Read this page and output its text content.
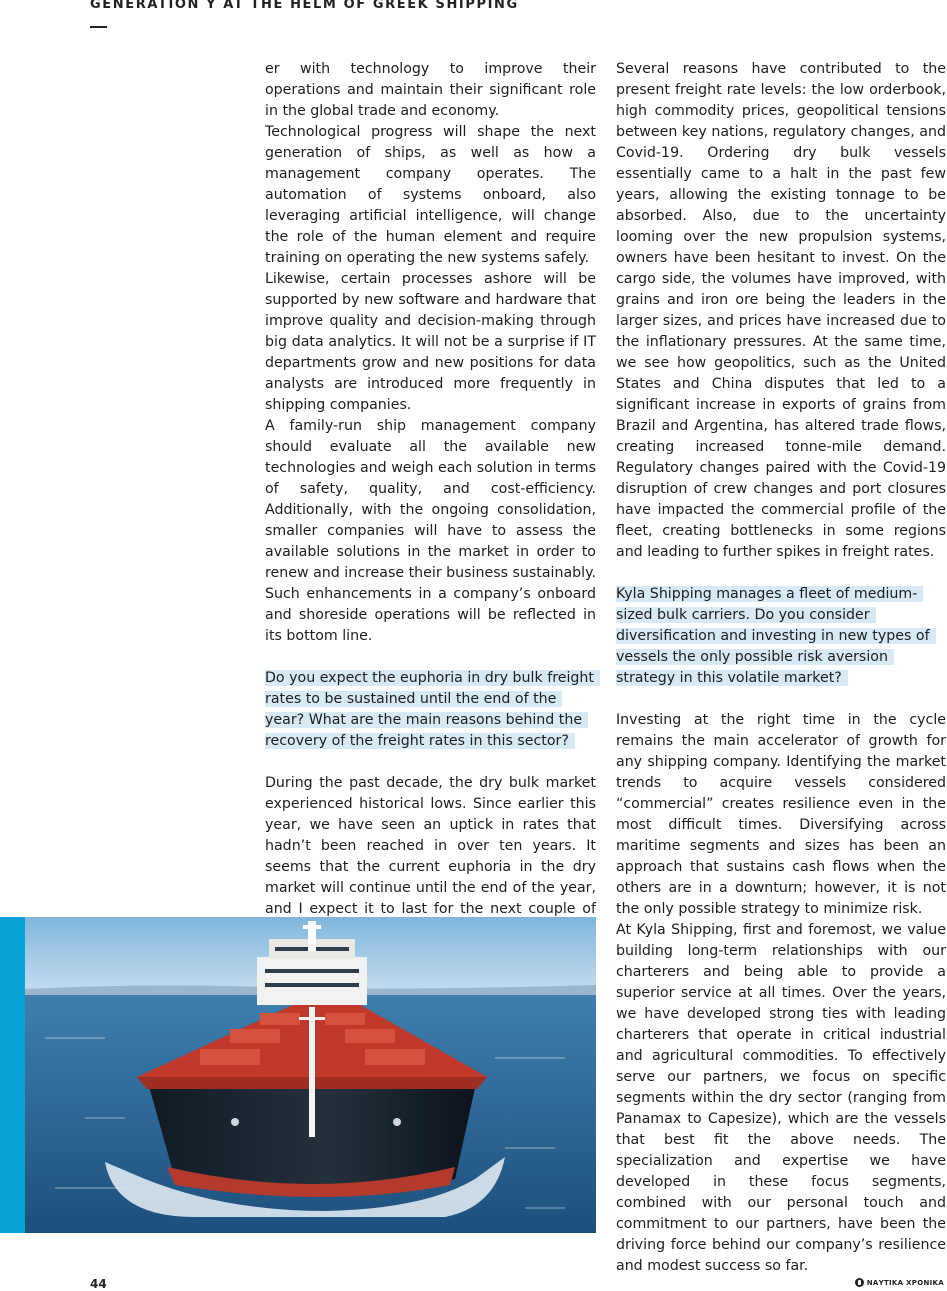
GENERATION Y AT THE HELM OF GREEK SHIPPING

er with technology to improve their operations and maintain their significant role in the global trade and economy.

Technological progress will shape the next generation of ships, as well as how a management company operates. The automation of systems onboard, also leveraging artificial intelligence, will change the role of the human element and require training on operating the new systems safely.

Likewise, certain processes ashore will be supported by new software and hardware that improve quality and decision-making through big data analytics. It will not be a surprise if IT departments grow and new positions for data analysts are introduced more frequently in shipping companies.

A family-run ship management company should evaluate all the available new technologies and weigh each solution in terms of safety, quality, and cost-efficiency. Additionally, with the ongoing consolidation, smaller companies will have to assess the available solutions in the market in order to renew and increase their business sustainably. Such enhancements in a company’s onboard and shoreside operations will be reflected in its bottom line.

Do you expect the euphoria in dry bulk freight rates to be sustained until the end of the year? What are the main reasons behind the recovery of the freight rates in this sector?

During the past decade, the dry bulk market experienced historical lows. Since earlier this year, we have seen an uptick in rates that hadn’t been reached in over ten years. It seems that the current euphoria in the dry market will continue until the end of the year, and I expect it to last for the next couple of

Several reasons have contributed to the present freight rate levels: the low orderbook, high commodity prices, geopolitical tensions between key nations, regulatory changes, and Covid-19. Ordering dry bulk vessels essentially came to a halt in the past few years, allowing the existing tonnage to be absorbed. Also, due to the uncertainty looming over the new propulsion systems, owners have been hesitant to invest. On the cargo side, the volumes have improved, with grains and iron ore being the leaders in the larger sizes, and prices have increased due to the inflationary pressures. At the same time, we see how geopolitics, such as the United States and China disputes that led to a significant increase in exports of grains from Brazil and Argentina, has altered trade flows, creating increased tonne-mile demand. Regulatory changes paired with the Covid-19 disruption of crew changes and port closures have impacted the commercial profile of the fleet, creating bottlenecks in some regions and leading to further spikes in freight rates.

Kyla Shipping manages a fleet of medium-sized bulk carriers. Do you consider diversification and investing in new types of vessels the only possible risk aversion strategy in this volatile market?

Investing at the right time in the cycle remains the main accelerator of growth for any shipping company. Identifying the market trends to acquire vessels considered “commercial” creates resilience even in the most difficult times. Diversifying across maritime segments and sizes has been an approach that sustains cash flows when the others are in a downturn; however, it is not the only possible strategy to minimize risk.

At Kyla Shipping, first and foremost, we value building long-term relationships with our charterers and being able to provide a superior service at all times. Over the years, we have developed strong ties with leading charterers that operate in critical industrial and agricultural commodities. To effectively serve our partners, we focus on specific segments within the dry sector (ranging from Panamax to Capesize), which are the vessels that best fit the above needs. The specialization and expertise we have developed in these focus segments, combined with our personal touch and commitment to our partners, have been the driving force behind our company’s resilience and modest success so far.

44	ΝΑΥΤΙΚΑ ΧΡΟΝΙΚΑ
